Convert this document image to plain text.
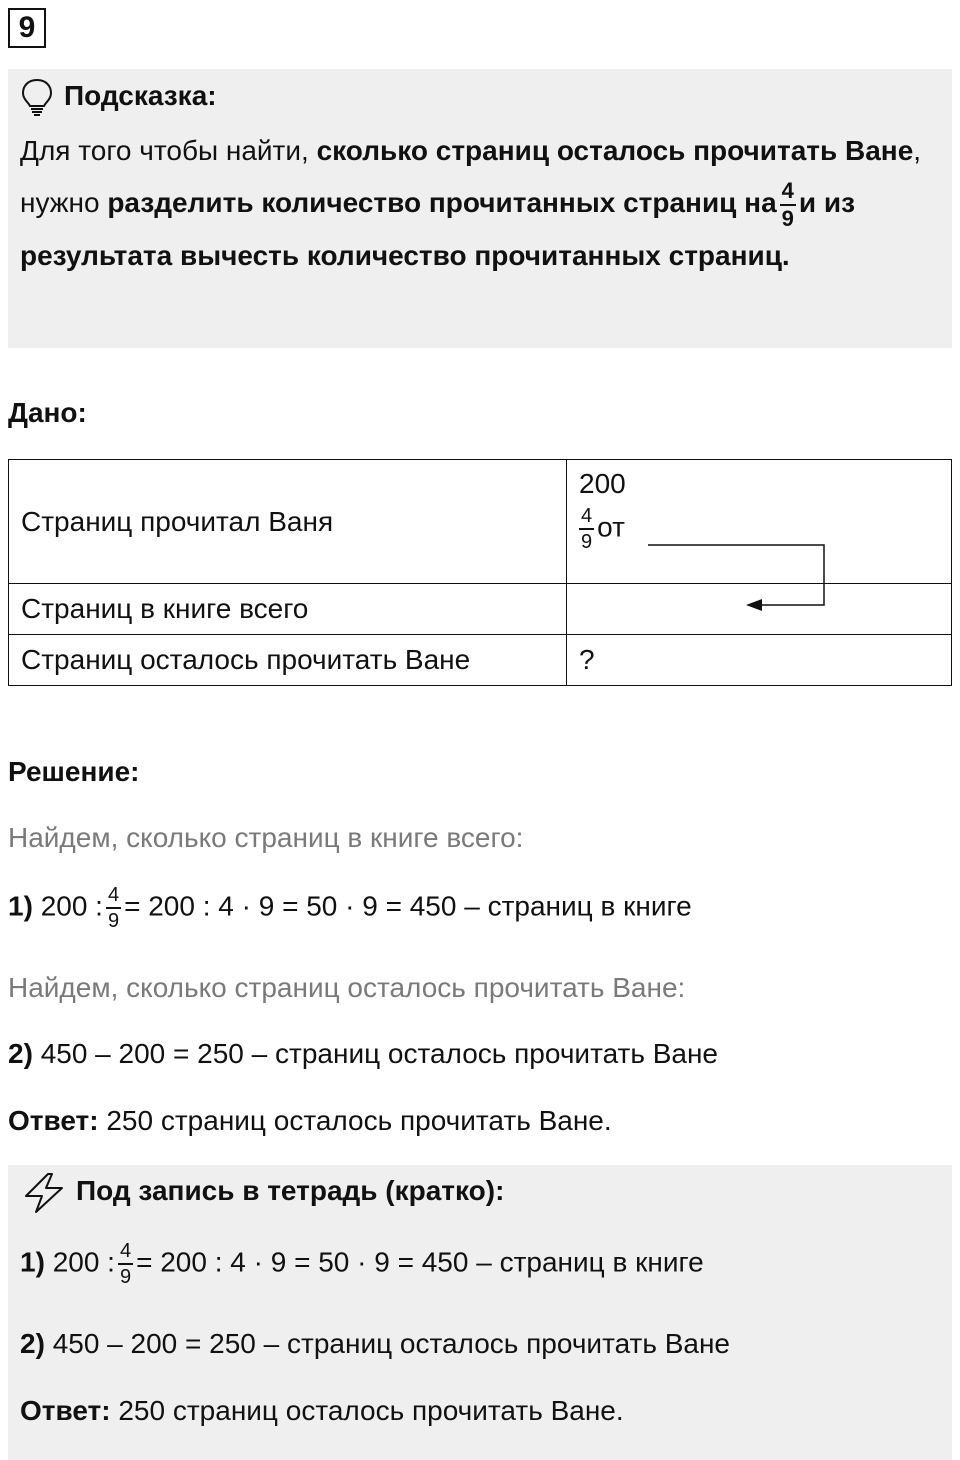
9
Подсказка:
Для того чтобы найти, сколько страниц осталось прочитать Ване, нужно разделить количество прочитанных страниц на $\frac{4}{9}$ и из результата вычесть количество прочитанных страниц.
Дано:
Страниц прочитал Ваня	200
$\frac{4}{9}$ от

Страниц в книге всего	
Страниц осталось прочитать Ване	?
Решение:
Найдем, сколько страниц в книге всего:
1) 200 : $\frac{4}{9} = 200$ : 4 · 9 = 50 · 9 = 450 – страниц в книге
Найдем, сколько страниц осталось прочитать Ване:
2) 450 – 200 = 250 – страниц осталось прочитать Ване
Ответ: 250 страниц осталось прочитать Ване.
Под запись в тетрадь (кратко):
1) 200 : $\frac{4}{9} = 200$ : 4 · 9 = 50 · 9 = 450 – страниц в книге
2) 450 – 200 = 250 – страниц осталось прочитать Ване
Ответ: 250 страниц осталось прочитать Ване.
